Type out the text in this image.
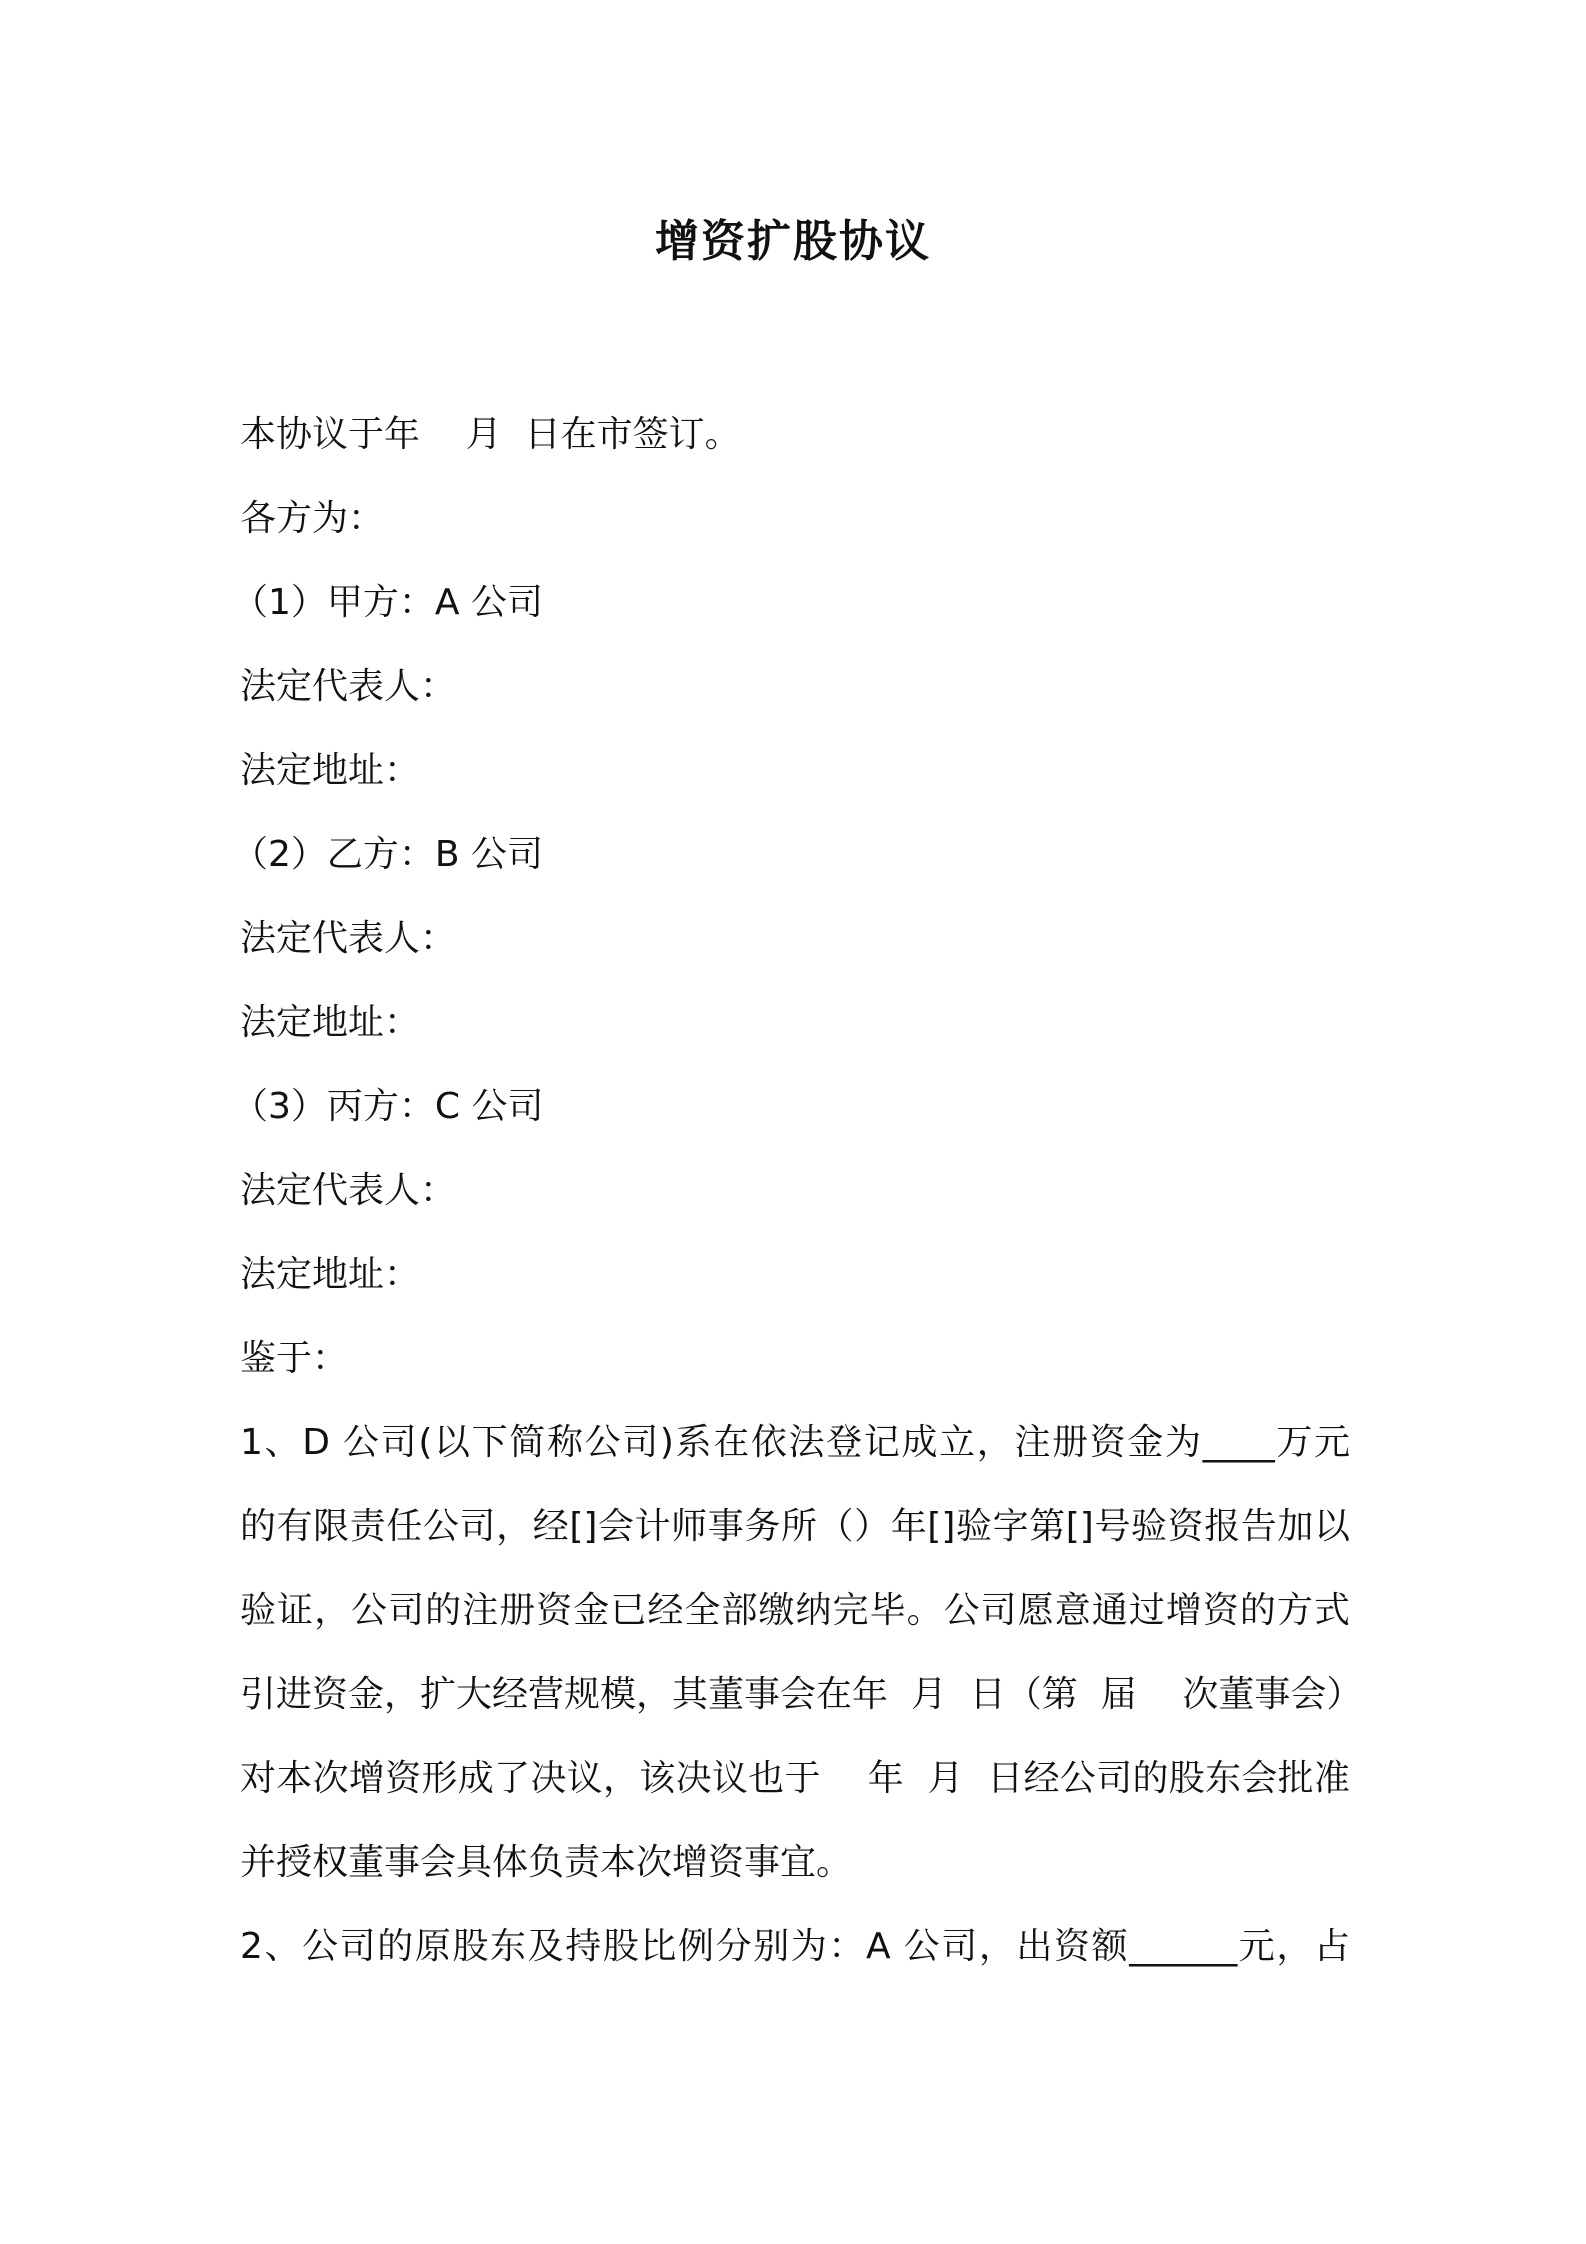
增资扩股协议
本协议于年    月  日在市签订。
各方为：
（1）甲方：A 公司
法定代表人：
法定地址：
（2）乙方：B 公司
法定代表人：
法定地址：
（3）丙方：C 公司
法定代表人：
法定地址：
鉴于：
1、D 公司(以下简称公司)系在依法登记成立，注册资金为____万元
的有限责任公司，经[]会计师事务所（）年[]验字第[]号验资报告加以
验证，公司的注册资金已经全部缴纳完毕。公司愿意通过增资的方式
引进资金，扩大经营规模，其董事会在年  月  日（第  届    次董事会）
对本次增资形成了决议，该决议也于    年  月  日经公司的股东会批准
并授权董事会具体负责本次增资事宜。
2、公司的原股东及持股比例分别为：A 公司，出资额______元，占
